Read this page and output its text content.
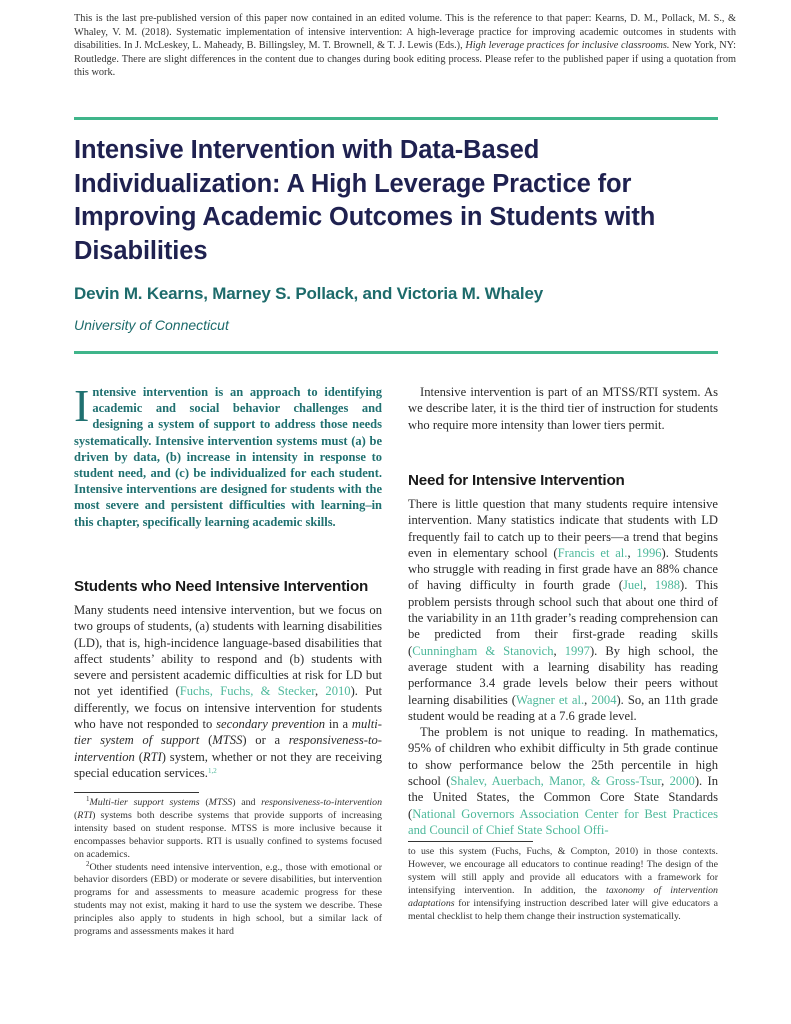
This is the last pre-published version of this paper now contained in an edited volume. This is the reference to that paper: Kearns, D. M., Pollack, M. S., & Whaley, V. M. (2018). Systematic implementation of intensive intervention: A high-leverage practice for improving academic outcomes in students with disabilities. In J. McLeskey, L. Maheady, B. Billingsley, M. T. Brownell, & T. J. Lewis (Eds.), High leverage practices for inclusive classrooms. New York, NY: Routledge. There are slight differences in the content due to changes during book editing process. Please refer to the published paper if using a quotation from this work.
Intensive Intervention with Data-Based Individualization: A High Leverage Practice for Improving Academic Outcomes in Students with Disabilities
Devin M. Kearns, Marney S. Pollack, and Victoria M. Whaley
University of Connecticut

Intensive intervention is an approach to identifying academic and social behavior challenges and designing a system of support to address those needs systematically. Intensive intervention systems must (a) be driven by data, (b) increase in intensity in response to student need, and (c) be individualized for each student. Intensive interventions are designed for students with the most severe and persistent difficulties with learning–in this chapter, specifically learning academic skills.

Students who Need Intensive Intervention

Many students need intensive intervention, but we focus on two groups of students, (a) students with learning disabilities (LD), that is, high-incidence language-based disabilities that affect students’ ability to respond and (b) students with severe and persistent academic difficulties at risk for LD but not yet identified (Fuchs, Fuchs, & Stecker, 2010). Put differently, we focus on intensive intervention for students who have not responded to secondary prevention in a multi-tier system of support (MTSS) or a responsiveness-to-intervention (RTI) system, whether or not they are receiving special education services.$^{1,2}$

$^1$Multi-tier support systems (MTSS) and responsiveness-to-intervention (RTI) systems both describe systems that provide supports of increasing intensity based on student response. MTSS is more inclusive because it encompasses behavior supports. RTI is usually confined to systems focused on academics.

$^2$Other students need intensive intervention, e.g., those with emotional or behavior disorders (EBD) or moderate or severe disabilities, but intervention programs for and assessments to measure academic progress for these students may not exist, making it hard to use the system we describe. These principles also apply to students in high school, but a similar lack of programs and assessments makes it hard

Intensive intervention is part of an MTSS/RTI system. As we describe later, it is the third tier of instruction for students who require more intensity than lower tiers permit.

Need for Intensive Intervention

There is little question that many students require intensive intervention. Many statistics indicate that students with LD frequently fail to catch up to their peers—a trend that begins even in elementary school (Francis et al., 1996). Students who struggle with reading in first grade have an 88% chance of having difficulty in fourth grade (Juel, 1988). This problem persists through school such that about one third of the variability in an 11th grader’s reading comprehension can be predicted from their first-grade reading skills (Cunningham & Stanovich, 1997). By high school, the average student with a learning disability has reading performance 3.4 grade levels below their peers without learning disabilities (Wagner et al., 2004). So, an 11th grade student would be reading at a 7.6 grade level.

The problem is not unique to reading. In mathematics, 95% of children who exhibit difficulty in 5th grade continue to show performance below the 25th percentile in high school (Shalev, Auerbach, Manor, & Gross-Tsur, 2000). In the United States, the Common Core State Standards (National Governors Association Center for Best Practices and Council of Chief State School Offi-

to use this system (Fuchs, Fuchs, & Compton, 2010) in those contexts. However, we encourage all educators to continue reading! The design of the system will still apply and provide all educators with a framework for intensifying intervention. In addition, the taxonomy of intervention adaptations for intensifying instruction described later will give educators a mental checklist to help them change their instruction systematically.
